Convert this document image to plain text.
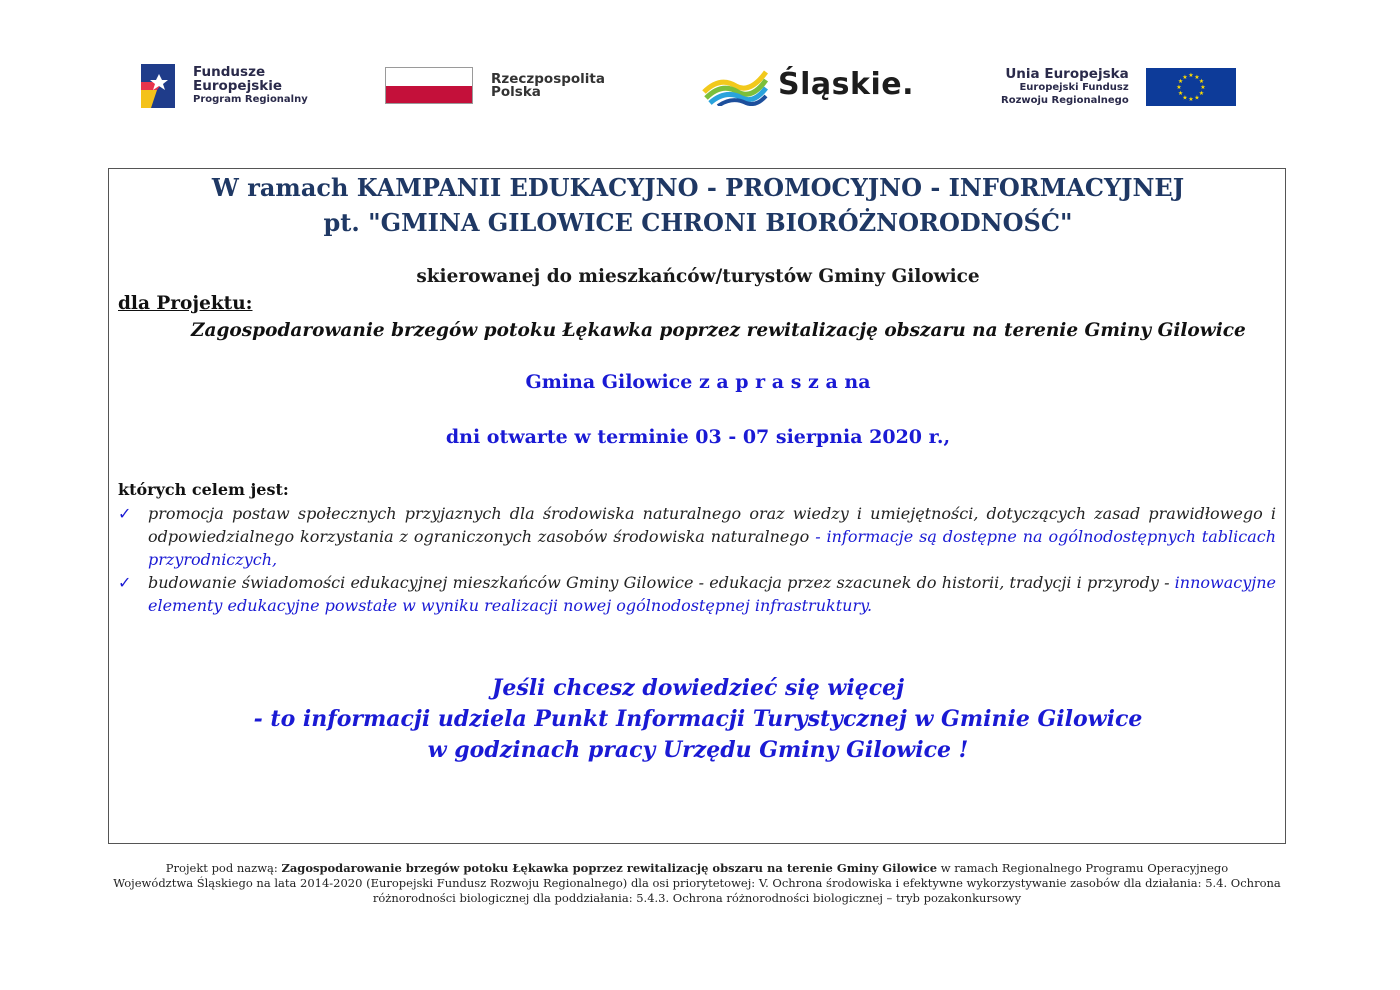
Fundusze
Europejskie
Program Regionalny
Rzeczpospolita
Polska	Śląskie.	Unia Europejska
Europejski Fundusz
Rozwoju Regionalnego
★ ★
★
★
★
★
★
★
★
★
★
★
W ramach KAMPANII EDUKACYJNO - PROMOCYJNO - INFORMACYJNEJ
pt. "GMINA GILOWICE CHRONI BIORÓŻNORODNOŚĆ"
skierowanej do mieszkańców/turystów Gminy Gilowice
dla Projektu:
Zagospodarowanie brzegów potoku Łękawka poprzez rewitalizację obszaru na terenie Gminy Gilowice
Gmina Gilowice z a p r a s z a na
dni otwarte w terminie 03 - 07 sierpnia 2020 r.,
których celem jest:
✓	promocja postaw społecznych przyjaznych dla środowiska naturalnego oraz wiedzy i umiejętności, dotyczących zasad prawidłowego i odpowiedzialnego korzystania z ograniczonych zasobów środowiska naturalnego - informacje są dostępne na ogólnodostępnych tablicach przyrodniczych,
✓	budowanie świadomości edukacyjnej mieszkańców Gminy Gilowice - edukacja przez szacunek do historii, tradycji i przyrody - innowacyjne elementy edukacyjne powstałe w wyniku realizacji nowej ogólnodostępnej infrastruktury.
Jeśli chcesz dowiedzieć się więcej
- to informacji udziela Punkt Informacji Turystycznej w Gminie Gilowice
w godzinach pracy Urzędu Gminy Gilowice !
Projekt pod nazwą: Zagospodarowanie brzegów potoku Łękawka poprzez rewitalizację obszaru na terenie Gminy Gilowice w ramach Regionalnego Programu Operacyjnego
Województwa Śląskiego na lata 2014-2020 (Europejski Fundusz Rozwoju Regionalnego) dla osi priorytetowej: V. Ochrona środowiska i efektywne wykorzystywanie zasobów dla działania: 5.4. Ochrona
różnorodności biologicznej dla poddziałania: 5.4.3. Ochrona różnorodności biologicznej – tryb pozakonkursowy
